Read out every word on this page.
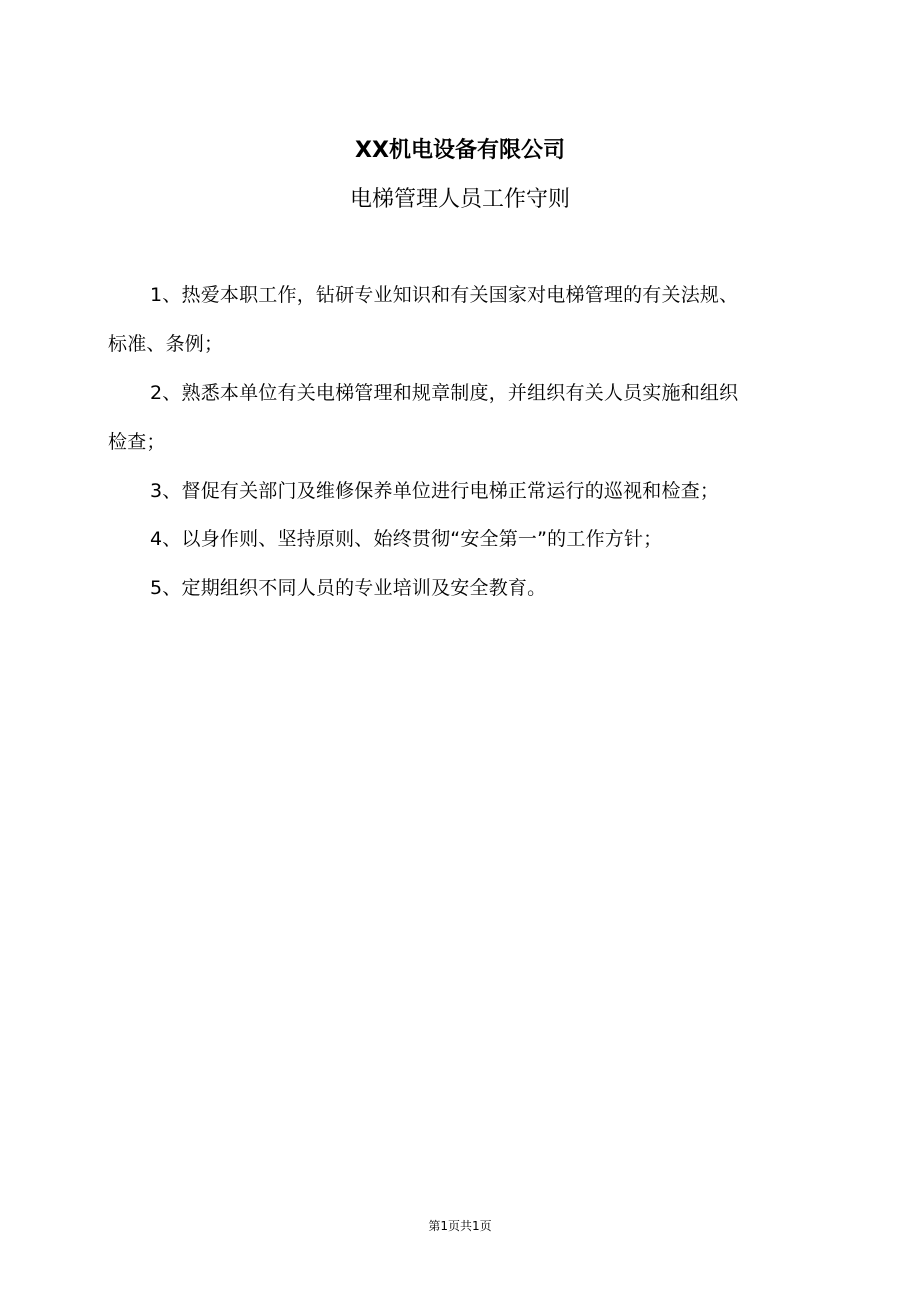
XX机电设备有限公司
电梯管理人员工作守则
1、热爱本职工作，钻研专业知识和有关国家对电梯管理的有关法规、
标准、条例；
2、熟悉本单位有关电梯管理和规章制度，并组织有关人员实施和组织
检查；
3、督促有关部门及维修保养单位进行电梯正常运行的巡视和检查；
4、以身作则、坚持原则、始终贯彻“安全第一”的工作方针；
5、定期组织不同人员的专业培训及安全教育。
第1页共1页
